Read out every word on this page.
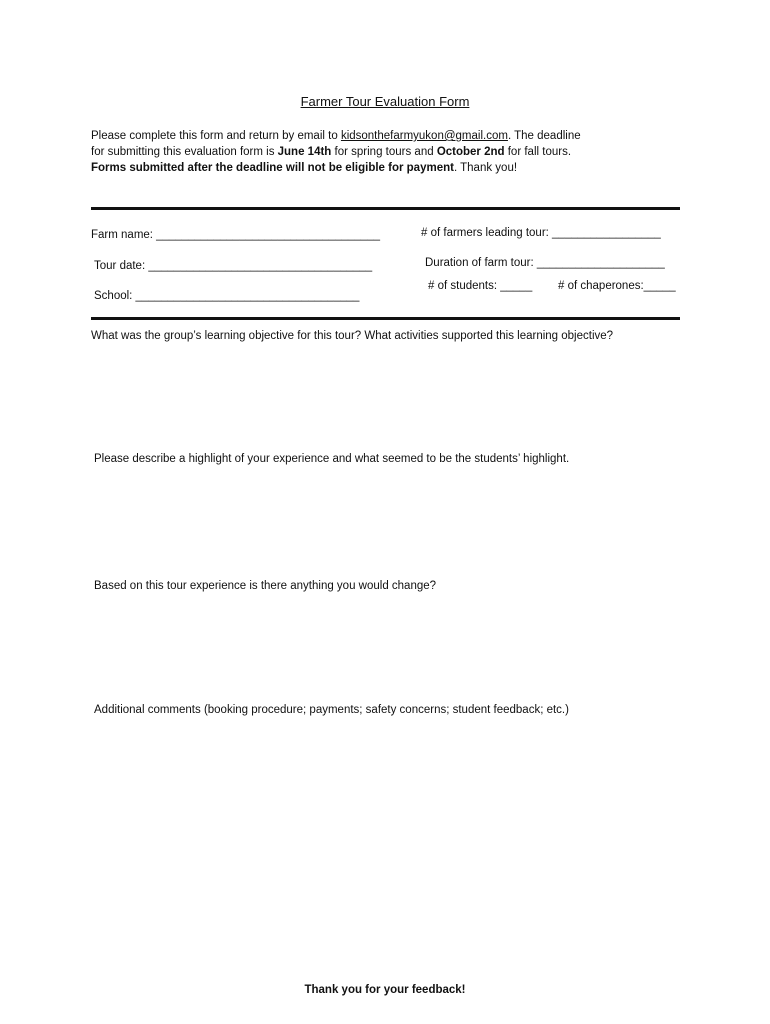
Farmer Tour Evaluation Form
Please complete this form and return by email to kidsonthefarmyukon@gmail.com. The deadline
for submitting this evaluation form is June 14th for spring tours and October 2nd for fall tours.
Forms submitted after the deadline will not be eligible for payment. Thank you!
Farm name: ___________________________________	# of farmers leading tour: _________________
Tour date: ___________________________________	Duration of farm tour: ____________________
# of students: _____ # of chaperones:_____
School: ___________________________________
What was the group’s learning objective for this tour? What activities supported this learning objective?
Please describe a highlight of your experience and what seemed to be the students’ highlight.
Based on this tour experience is there anything you would change?
Additional comments (booking procedure; payments; safety concerns; student feedback; etc.)
Thank you for your feedback!
